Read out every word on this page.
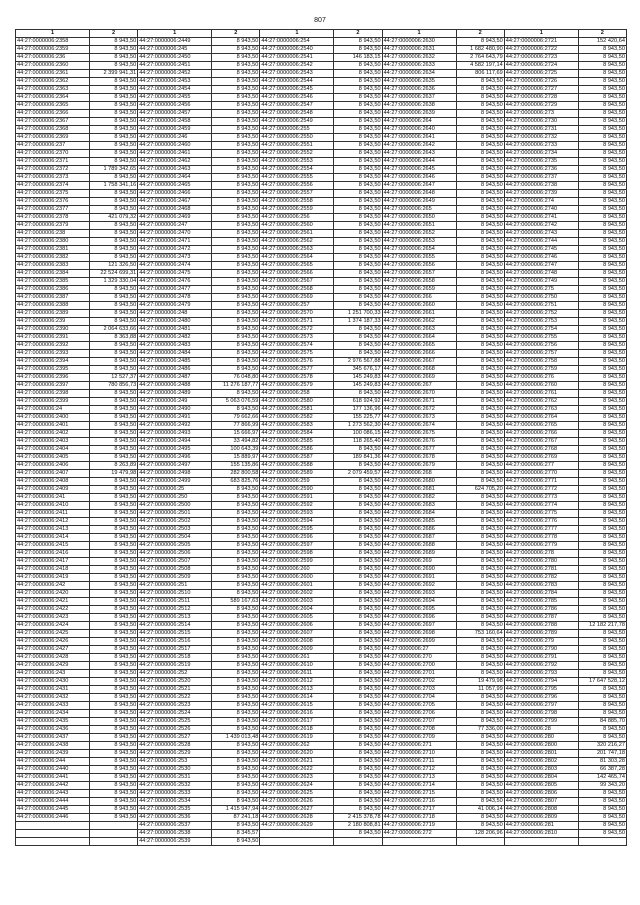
807
1	2	1	2	1	2	1	2	1	2
44:27:0000006:2358	8 943,50	44:27:0000006:2449	8 943,50	44:27:0000006:254	8 943,50	44:27:0000006:2630	8 943,50	44:27:0000006:2721	152 420,64
44:27:0000006:2359	8 943,50	44:27:0000006:245	8 943,50	44:27:0000006:2540	8 943,50	44:27:0000006:2631	1 682 480,90	44:27:0000006:2722	8 943,50
44:27:0000006:236	8 943,50	44:27:0000006:2450	8 943,50	44:27:0000006:2541	146 183,15	44:27:0000006:2632	2 764 643,79	44:27:0000006:2723	8 943,50
44:27:0000006:2360	8 943,50	44:27:0000006:2451	8 943,50	44:27:0000006:2542	8 943,50	44:27:0000006:2633	4 582 197,14	44:27:0000006:2724	8 943,50
44:27:0000006:2361	2 399 941,31	44:27:0000006:2452	8 943,50	44:27:0000006:2543	8 943,50	44:27:0000006:2634	806 117,69	44:27:0000006:2725	8 943,50
44:27:0000006:2362	8 943,50	44:27:0000006:2453	8 943,50	44:27:0000006:2544	8 943,50	44:27:0000006:2635	8 943,50	44:27:0000006:2726	8 943,50
44:27:0000006:2363	8 943,50	44:27:0000006:2454	8 943,50	44:27:0000006:2545	8 943,50	44:27:0000006:2636	8 943,50	44:27:0000006:2727	8 943,50
44:27:0000006:2364	8 943,50	44:27:0000006:2455	8 943,50	44:27:0000006:2546	8 943,50	44:27:0000006:2637	8 943,50	44:27:0000006:2728	8 943,50
44:27:0000006:2365	8 943,50	44:27:0000006:2456	8 943,50	44:27:0000006:2547	8 943,50	44:27:0000006:2638	8 943,50	44:27:0000006:2729	8 943,50
44:27:0000006:2366	8 943,50	44:27:0000006:2457	8 943,50	44:27:0000006:2548	8 943,50	44:27:0000006:2639	8 943,50	44:27:0000006:273	8 943,50
44:27:0000006:2367	8 943,50	44:27:0000006:2458	8 943,50	44:27:0000006:2549	8 943,50	44:27:0000006:264	8 943,50	44:27:0000006:2730	8 943,50
44:27:0000006:2368	8 943,50	44:27:0000006:2459	8 943,50	44:27:0000006:255	8 943,50	44:27:0000006:2640	8 943,50	44:27:0000006:2731	8 943,50
44:27:0000006:2369	8 943,50	44:27:0000006:246	8 943,50	44:27:0000006:2550	8 943,50	44:27:0000006:2641	8 943,50	44:27:0000006:2732	8 943,50
44:27:0000006:237	8 943,50	44:27:0000006:2460	8 943,50	44:27:0000006:2551	8 943,50	44:27:0000006:2642	8 943,50	44:27:0000006:2733	8 943,50
44:27:0000006:2370	8 943,50	44:27:0000006:2461	8 943,50	44:27:0000006:2552	8 943,50	44:27:0000006:2643	8 943,50	44:27:0000006:2734	8 943,50
44:27:0000006:2371	8 943,50	44:27:0000006:2462	8 943,50	44:27:0000006:2553	8 943,50	44:27:0000006:2644	8 943,50	44:27:0000006:2735	8 943,50
44:27:0000006:2372	1 789 342,65	44:27:0000006:2463	8 943,50	44:27:0000006:2554	8 943,50	44:27:0000006:2645	8 943,50	44:27:0000006:2736	8 943,50
44:27:0000006:2373	8 943,50	44:27:0000006:2464	8 943,50	44:27:0000006:2555	8 943,50	44:27:0000006:2646	8 943,50	44:27:0000006:2737	8 943,50
44:27:0000006:2374	1 758 341,16	44:27:0000006:2465	8 943,50	44:27:0000006:2556	8 943,50	44:27:0000006:2647	8 943,50	44:27:0000006:2738	8 943,50
44:27:0000006:2375	8 943,50	44:27:0000006:2466	8 943,50	44:27:0000006:2557	8 943,50	44:27:0000006:2648	8 943,50	44:27:0000006:2739	8 943,50
44:27:0000006:2376	8 943,50	44:27:0000006:2467	8 943,50	44:27:0000006:2558	8 943,50	44:27:0000006:2649	8 943,50	44:27:0000006:274	8 943,50
44:27:0000006:2377	8 943,50	44:27:0000006:2468	8 943,50	44:27:0000006:2559	8 943,50	44:27:0000006:265	8 943,50	44:27:0000006:2740	8 943,50
44:27:0000006:2378	421 079,32	44:27:0000006:2469	8 943,50	44:27:0000006:256	8 943,50	44:27:0000006:2650	8 943,50	44:27:0000006:2741	8 943,50
44:27:0000006:2379	8 943,50	44:27:0000006:247	8 943,50	44:27:0000006:2560	8 943,50	44:27:0000006:2651	8 943,50	44:27:0000006:2742	8 943,50
44:27:0000006:238	8 943,50	44:27:0000006:2470	8 943,50	44:27:0000006:2561	8 943,50	44:27:0000006:2652	8 943,50	44:27:0000006:2743	8 943,50
44:27:0000006:2380	8 943,50	44:27:0000006:2471	8 943,50	44:27:0000006:2562	8 943,50	44:27:0000006:2653	8 943,50	44:27:0000006:2744	8 943,50
44:27:0000006:2381	8 943,50	44:27:0000006:2472	8 943,50	44:27:0000006:2563	8 943,50	44:27:0000006:2654	8 943,50	44:27:0000006:2745	8 943,50
44:27:0000006:2382	8 943,50	44:27:0000006:2473	8 943,50	44:27:0000006:2564	8 943,50	44:27:0000006:2655	8 943,50	44:27:0000006:2746	8 943,50
44:27:0000006:2383	121 326,50	44:27:0000006:2474	8 943,50	44:27:0000006:2565	8 943,50	44:27:0000006:2656	8 943,50	44:27:0000006:2747	8 943,50
44:27:0000006:2384	22 524 699,31	44:27:0000006:2475	8 943,50	44:27:0000006:2566	8 943,50	44:27:0000006:2657	8 943,50	44:27:0000006:2748	8 943,50
44:27:0000006:2385	1 329 330,04	44:27:0000006:2476	8 943,50	44:27:0000006:2567	8 943,50	44:27:0000006:2658	8 943,50	44:27:0000006:2749	8 943,50
44:27:0000006:2386	8 943,50	44:27:0000006:2477	8 943,50	44:27:0000006:2568	8 943,50	44:27:0000006:2659	8 943,50	44:27:0000006:275	8 943,50
44:27:0000006:2387	8 943,50	44:27:0000006:2478	8 943,50	44:27:0000006:2569	8 943,50	44:27:0000006:266	8 943,50	44:27:0000006:2750	8 943,50
44:27:0000006:2388	8 943,50	44:27:0000006:2479	8 943,50	44:27:0000006:257	8 943,50	44:27:0000006:2660	8 943,50	44:27:0000006:2751	8 943,50
44:27:0000006:2389	8 943,50	44:27:0000006:248	8 943,50	44:27:0000006:2570	1 251 700,33	44:27:0000006:2661	8 943,50	44:27:0000006:2752	8 943,50
44:27:0000006:239	8 943,50	44:27:0000006:2480	8 943,50	44:27:0000006:2571	1 374 187,33	44:27:0000006:2662	8 943,50	44:27:0000006:2753	8 943,50
44:27:0000006:2390	2 064 633,66	44:27:0000006:2481	8 943,50	44:27:0000006:2572	8 943,50	44:27:0000006:2663	8 943,50	44:27:0000006:2754	8 943,50
44:27:0000006:2391	8 363,88	44:27:0000006:2482	8 943,50	44:27:0000006:2573	8 943,50	44:27:0000006:2664	8 943,50	44:27:0000006:2755	8 943,50
44:27:0000006:2392	8 943,50	44:27:0000006:2483	8 943,50	44:27:0000006:2574	8 943,50	44:27:0000006:2665	8 943,50	44:27:0000006:2756	8 943,50
44:27:0000006:2393	8 943,50	44:27:0000006:2484	8 943,50	44:27:0000006:2575	8 943,50	44:27:0000006:2666	8 943,50	44:27:0000006:2757	8 943,50
44:27:0000006:2394	8 943,50	44:27:0000006:2485	8 943,50	44:27:0000006:2576	2 976 567,88	44:27:0000006:2667	8 943,50	44:27:0000006:2758	8 943,50
44:27:0000006:2395	8 943,50	44:27:0000006:2486	8 943,50	44:27:0000006:2577	345 676,17	44:27:0000006:2668	8 943,50	44:27:0000006:2759	8 943,50
44:27:0000006:2396	12 527,37	44:27:0000006:2487	76 048,80	44:27:0000006:2578	145 249,83	44:27:0000006:2669	8 943,50	44:27:0000006:276	8 943,50
44:27:0000006:2397	780 856,73	44:27:0000006:2488	11 276 187,77	44:27:0000006:2579	145 249,83	44:27:0000006:267	8 943,50	44:27:0000006:2760	8 943,50
44:27:0000006:2398	8 943,50	44:27:0000006:2489	8 943,50	44:27:0000006:258	8 943,50	44:27:0000006:2670	8 943,50	44:27:0000006:2761	8 943,50
44:27:0000006:2399	8 943,50	44:27:0000006:249	5 063 076,59	44:27:0000006:2580	618 924,92	44:27:0000006:2671	8 943,50	44:27:0000006:2762	8 943,50
44:27:0000006:24	8 943,50	44:27:0000006:2490	8 943,50	44:27:0000006:2581	177 136,96	44:27:0000006:2672	8 943,50	44:27:0000006:2763	8 943,50
44:27:0000006:2400	8 943,50	44:27:0000006:2491	79 662,66	44:27:0000006:2582	155 225,77	44:27:0000006:2673	8 943,50	44:27:0000006:2764	8 943,50
44:27:0000006:2401	8 943,50	44:27:0000006:2492	77 866,99	44:27:0000006:2583	1 273 562,30	44:27:0000006:2674	8 943,50	44:27:0000006:2765	8 943,50
44:27:0000006:2402	8 943,50	44:27:0000006:2493	15 666,97	44:27:0000006:2584	100 086,15	44:27:0000006:2675	8 943,50	44:27:0000006:2766	8 943,50
44:27:0000006:2403	8 943,50	44:27:0000006:2494	33 494,82	44:27:0000006:2585	118 265,40	44:27:0000006:2676	8 943,50	44:27:0000006:2767	8 943,50
44:27:0000006:2404	8 943,50	44:27:0000006:2495	100 643,39	44:27:0000006:2586	8 943,50	44:27:0000006:2677	8 943,50	44:27:0000006:2768	8 943,50
44:27:0000006:2405	8 943,50	44:27:0000006:2496	15 889,97	44:27:0000006:2587	189 841,36	44:27:0000006:2678	8 943,50	44:27:0000006:2769	8 943,50
44:27:0000006:2406	8 263,89	44:27:0000006:2497	155 135,86	44:27:0000006:2588	8 943,50	44:27:0000006:2679	8 943,50	44:27:0000006:277	8 943,50
44:27:0000006:2407	19 479,98	44:27:0000006:2498	282 800,58	44:27:0000006:2589	2 079 459,57	44:27:0000006:268	8 943,50	44:27:0000006:2770	8 943,50
44:27:0000006:2408	8 943,50	44:27:0000006:2499	683 825,76	44:27:0000006:259	8 943,50	44:27:0000006:2680	8 943,50	44:27:0000006:2771	8 943,50
44:27:0000006:2409	8 943,50	44:27:0000006:25	8 943,50	44:27:0000006:2590	8 943,50	44:27:0000006:2681	624 705,20	44:27:0000006:2772	8 943,50
44:27:0000006:241	8 943,50	44:27:0000006:250	8 943,50	44:27:0000006:2591	8 943,50	44:27:0000006:2682	8 943,50	44:27:0000006:2773	8 943,50
44:27:0000006:2410	8 943,50	44:27:0000006:2500	8 943,50	44:27:0000006:2592	8 943,50	44:27:0000006:2683	8 943,50	44:27:0000006:2774	8 943,50
44:27:0000006:2411	8 943,50	44:27:0000006:2501	8 943,50	44:27:0000006:2593	8 943,50	44:27:0000006:2684	8 943,50	44:27:0000006:2775	8 943,50
44:27:0000006:2412	8 943,50	44:27:0000006:2502	8 943,50	44:27:0000006:2594	8 943,50	44:27:0000006:2685	8 943,50	44:27:0000006:2776	8 943,50
44:27:0000006:2413	8 943,50	44:27:0000006:2503	8 943,50	44:27:0000006:2595	8 943,50	44:27:0000006:2686	8 943,50	44:27:0000006:2777	8 943,50
44:27:0000006:2414	8 943,50	44:27:0000006:2504	8 943,50	44:27:0000006:2596	8 943,50	44:27:0000006:2687	8 943,50	44:27:0000006:2778	8 943,50
44:27:0000006:2415	8 943,50	44:27:0000006:2505	8 943,50	44:27:0000006:2597	8 943,50	44:27:0000006:2688	8 943,50	44:27:0000006:2779	8 943,50
44:27:0000006:2416	8 943,50	44:27:0000006:2506	8 943,50	44:27:0000006:2598	8 943,50	44:27:0000006:2689	8 943,50	44:27:0000006:278	8 943,50
44:27:0000006:2417	8 943,50	44:27:0000006:2507	8 943,50	44:27:0000006:2599	8 943,50	44:27:0000006:269	8 943,50	44:27:0000006:2780	8 943,50
44:27:0000006:2418	8 943,50	44:27:0000006:2508	8 943,50	44:27:0000006:260	8 943,50	44:27:0000006:2690	8 943,50	44:27:0000006:2781	8 943,50
44:27:0000006:2419	8 943,50	44:27:0000006:2509	8 943,50	44:27:0000006:2600	8 943,50	44:27:0000006:2691	8 943,50	44:27:0000006:2782	8 943,50
44:27:0000006:242	8 943,50	44:27:0000006:251	8 943,50	44:27:0000006:2601	8 943,50	44:27:0000006:2692	8 943,50	44:27:0000006:2783	8 943,50
44:27:0000006:2420	8 943,50	44:27:0000006:2510	8 943,50	44:27:0000006:2602	8 943,50	44:27:0000006:2693	8 943,50	44:27:0000006:2784	8 943,50
44:27:0000006:2421	8 943,50	44:27:0000006:2511	589 167,63	44:27:0000006:2603	8 943,50	44:27:0000006:2694	8 943,50	44:27:0000006:2785	8 943,50
44:27:0000006:2422	8 943,50	44:27:0000006:2512	8 943,50	44:27:0000006:2604	8 943,50	44:27:0000006:2695	8 943,50	44:27:0000006:2786	8 943,50
44:27:0000006:2423	8 943,50	44:27:0000006:2513	8 943,50	44:27:0000006:2605	8 943,50	44:27:0000006:2696	8 943,50	44:27:0000006:2787	8 943,50
44:27:0000006:2424	8 943,50	44:27:0000006:2514	8 943,50	44:27:0000006:2606	8 943,50	44:27:0000006:2697	8 943,50	44:27:0000006:2788	12 182 217,78
44:27:0000006:2425	8 943,50	44:27:0000006:2515	8 943,50	44:27:0000006:2607	8 943,50	44:27:0000006:2698	753 160,64	44:27:0000006:2789	8 943,50
44:27:0000006:2426	8 943,50	44:27:0000006:2516	8 943,50	44:27:0000006:2608	8 943,50	44:27:0000006:2699	8 943,50	44:27:0000006:279	8 943,50
44:27:0000006:2427	8 943,50	44:27:0000006:2517	8 943,50	44:27:0000006:2609	8 943,50	44:27:0000006:27	8 943,50	44:27:0000006:2790	8 943,50
44:27:0000006:2428	8 943,50	44:27:0000006:2518	8 943,50	44:27:0000006:261	8 943,50	44:27:0000006:270	8 943,50	44:27:0000006:2791	8 943,50
44:27:0000006:2429	8 943,50	44:27:0000006:2519	8 943,50	44:27:0000006:2610	8 943,50	44:27:0000006:2700	8 943,50	44:27:0000006:2792	8 943,50
44:27:0000006:243	8 943,50	44:27:0000006:252	8 943,50	44:27:0000006:2611	8 943,50	44:27:0000006:2701	8 943,50	44:27:0000006:2793	8 943,50
44:27:0000006:2430	8 943,50	44:27:0000006:2520	8 943,50	44:27:0000006:2612	8 943,50	44:27:0000006:2702	19 479,98	44:27:0000006:2794	17 647 528,12
44:27:0000006:2431	8 943,50	44:27:0000006:2521	8 943,50	44:27:0000006:2613	8 943,50	44:27:0000006:2703	11 057,99	44:27:0000006:2795	8 943,50
44:27:0000006:2432	8 943,50	44:27:0000006:2522	8 943,50	44:27:0000006:2614	8 943,50	44:27:0000006:2704	8 943,50	44:27:0000006:2796	8 943,50
44:27:0000006:2433	8 943,50	44:27:0000006:2523	8 943,50	44:27:0000006:2615	8 943,50	44:27:0000006:2705	8 943,50	44:27:0000006:2797	8 943,50
44:27:0000006:2434	8 943,50	44:27:0000006:2524	8 943,50	44:27:0000006:2616	8 943,50	44:27:0000006:2706	8 943,50	44:27:0000006:2798	8 943,50
44:27:0000006:2435	8 943,50	44:27:0000006:2525	8 943,50	44:27:0000006:2617	8 943,50	44:27:0000006:2707	8 943,50	44:27:0000006:2799	84 885,70
44:27:0000006:2436	8 943,50	44:27:0000006:2526	8 943,50	44:27:0000006:2618	8 943,50	44:27:0000006:2708	77 336,00	44:27:0000006:28	8 943,50
44:27:0000006:2437	8 943,50	44:27:0000006:2527	1 439 013,48	44:27:0000006:2619	8 943,50	44:27:0000006:2709	8 943,50	44:27:0000006:280	8 943,50
44:27:0000006:2438	8 943,50	44:27:0000006:2528	8 943,50	44:27:0000006:262	8 943,50	44:27:0000006:271	8 943,50	44:27:0000006:2800	320 216,27
44:27:0000006:2439	8 943,50	44:27:0000006:2529	8 943,50	44:27:0000006:2620	8 943,50	44:27:0000006:2710	8 943,50	44:27:0000006:2801	201 747,18
44:27:0000006:244	8 943,50	44:27:0000006:253	8 943,50	44:27:0000006:2621	8 943,50	44:27:0000006:2711	8 943,50	44:27:0000006:2802	81 303,28
44:27:0000006:2440	8 943,50	44:27:0000006:2530	8 943,50	44:27:0000006:2622	8 943,50	44:27:0000006:2712	8 943,50	44:27:0000006:2803	66 387,28
44:27:0000006:2441	8 943,50	44:27:0000006:2531	8 943,50	44:27:0000006:2623	8 943,50	44:27:0000006:2713	8 943,50	44:27:0000006:2804	142 465,74
44:27:0000006:2442	8 943,50	44:27:0000006:2532	8 943,50	44:27:0000006:2624	8 943,50	44:27:0000006:2714	8 943,50	44:27:0000006:2805	99 343,20
44:27:0000006:2443	8 943,50	44:27:0000006:2533	8 943,50	44:27:0000006:2625	8 943,50	44:27:0000006:2715	8 943,50	44:27:0000006:2806	8 943,50
44:27:0000006:2444	8 943,50	44:27:0000006:2534	8 943,50	44:27:0000006:2626	8 943,50	44:27:0000006:2716	8 943,50	44:27:0000006:2807	8 943,50
44:27:0000006:2445	8 943,50	44:27:0000006:2535	1 415 947,94	44:27:0000006:2627	8 943,50	44:27:0000006:2717	41 006,14	44:27:0000006:2808	8 943,50
44:27:0000006:2446	8 943,50	44:27:0000006:2536	87 241,18	44:27:0000006:2628	2 415 378,78	44:27:0000006:2718	8 943,50	44:27:0000006:2809	8 943,50
		44:27:0000006:2537	8 943,50	44:27:0000006:2629	2 180 808,81	44:27:0000006:2719	8 943,50	44:27:0000006:281	8 943,50
		44:27:0000006:2538	8 345,57		8 943,50	44:27:0000006:272	128 206,96	44:27:0000006:2810	8 943,50
		44:27:0000006:2539	8 943,50						
